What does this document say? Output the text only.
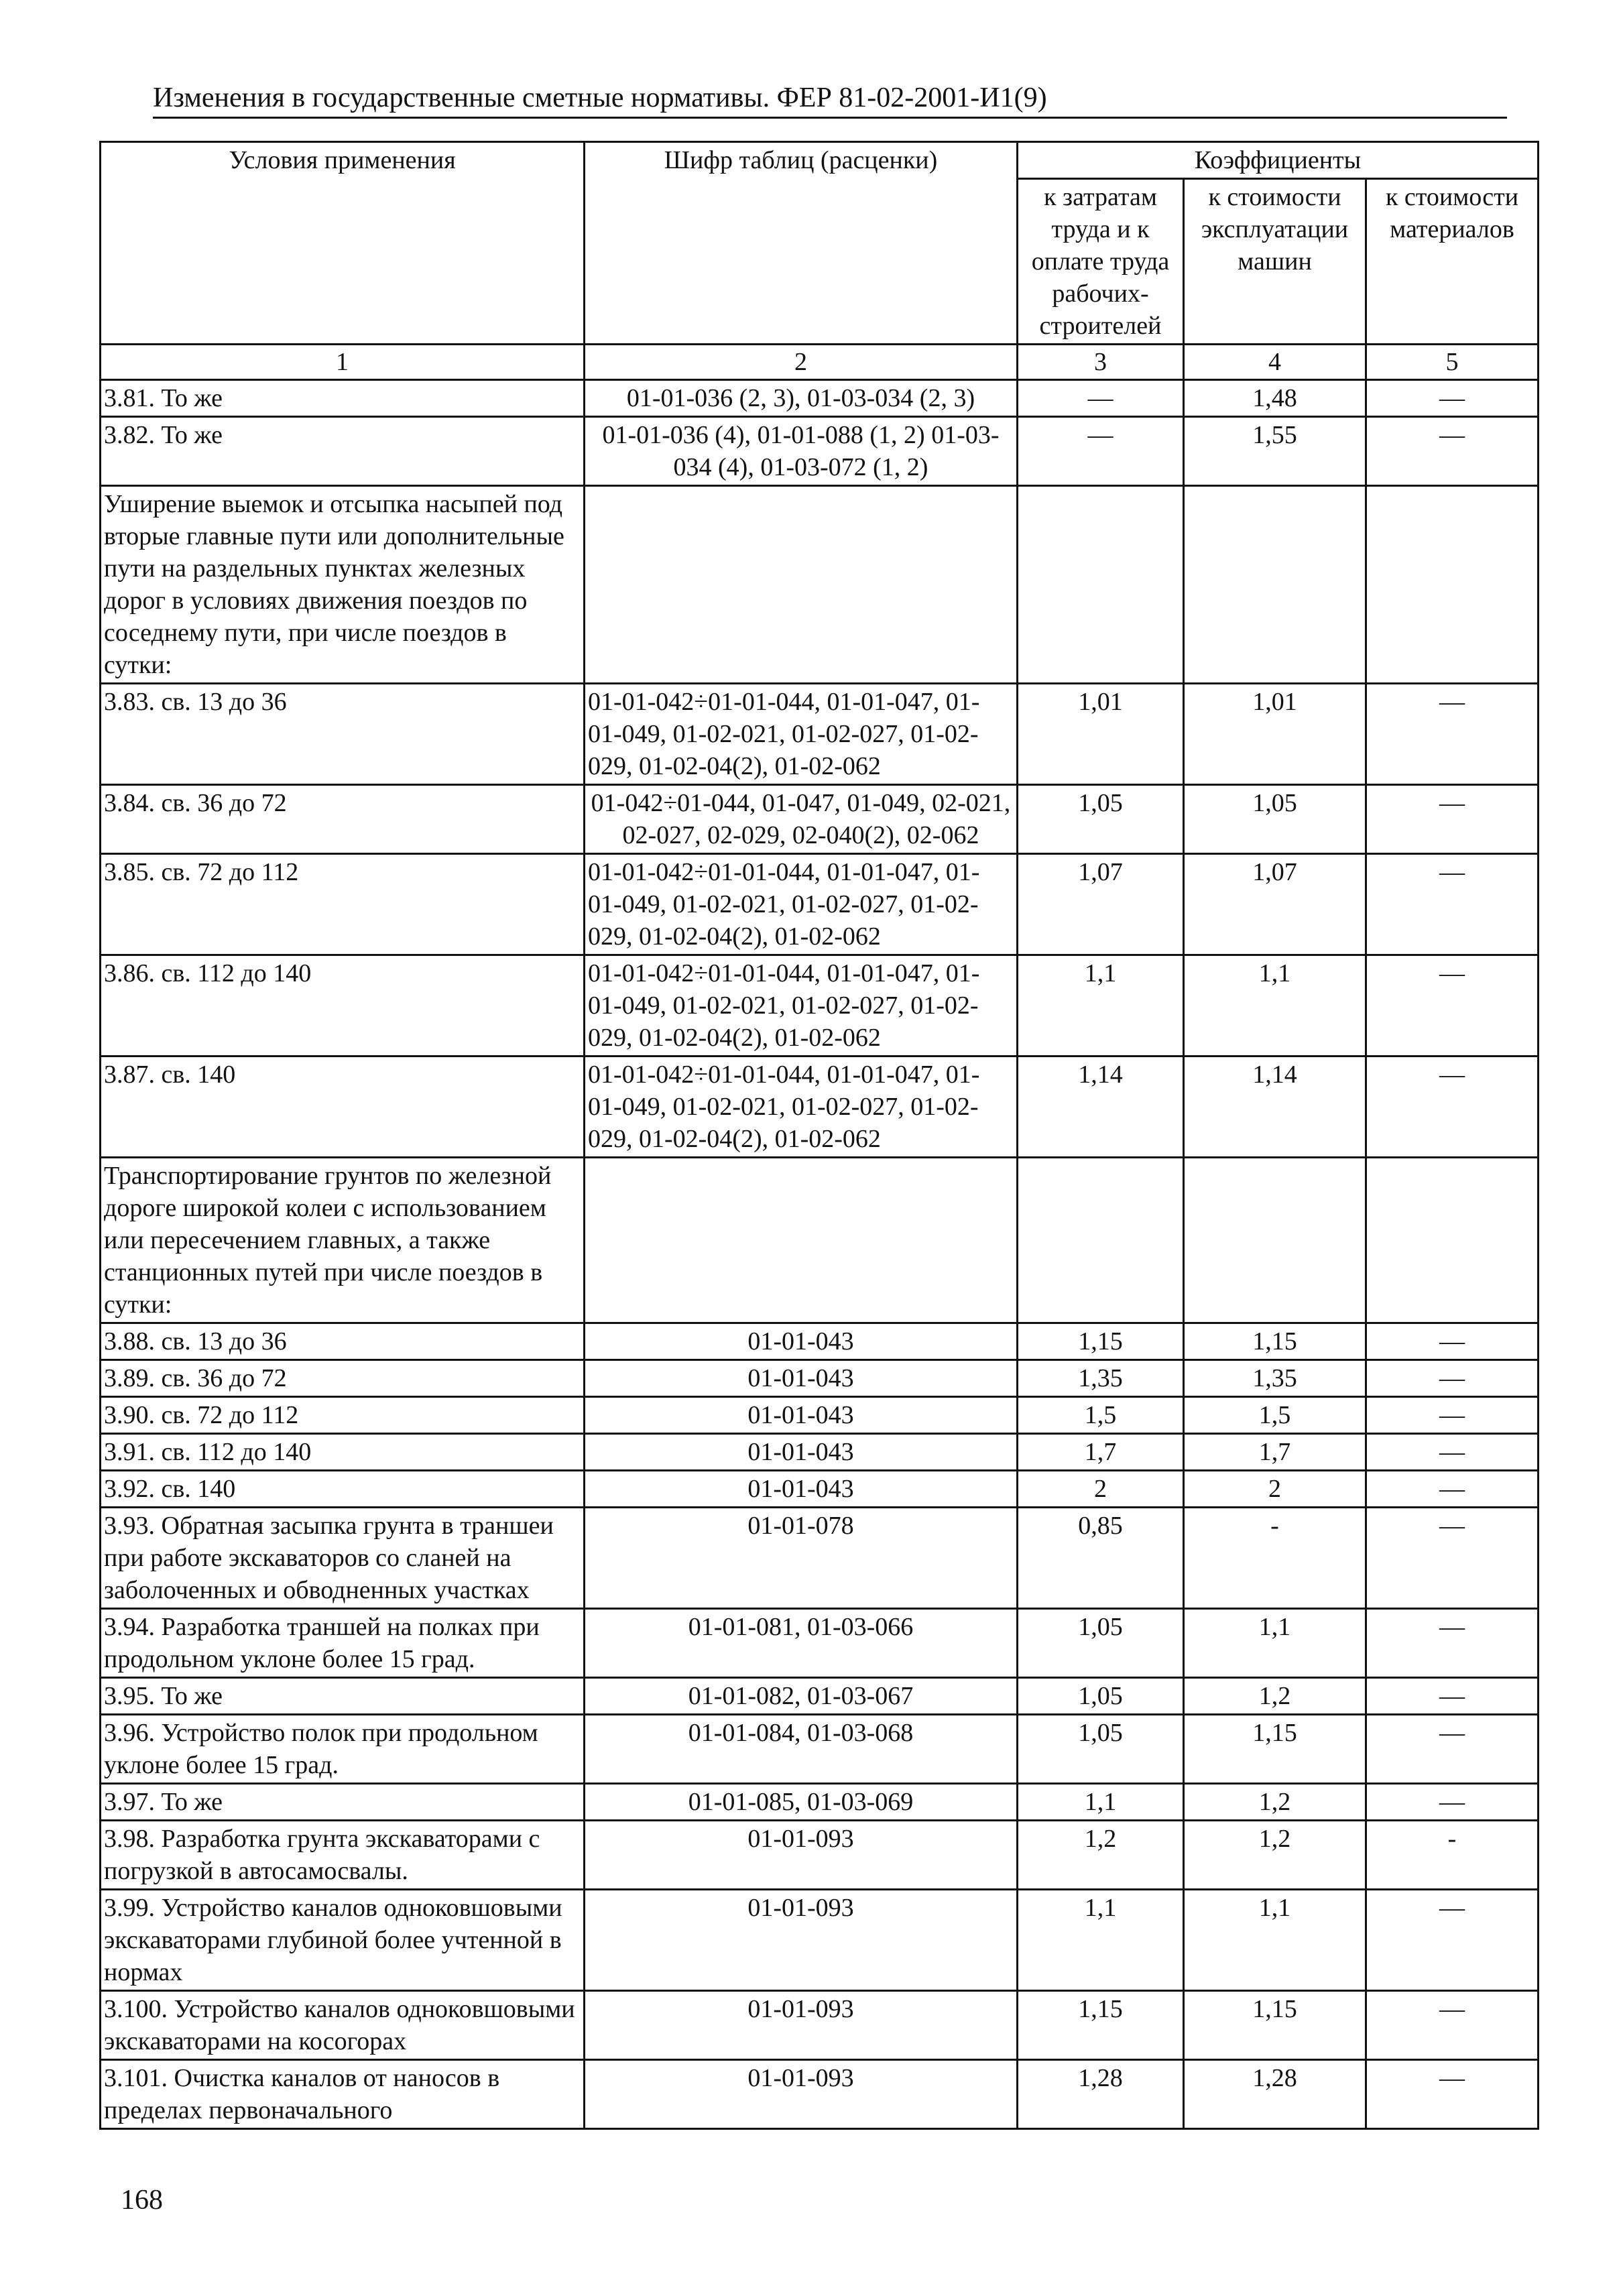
Изменения в государственные сметные нормативы. ФЕР 81-02-2001-И1(9)
Условия применения	Шифр таблиц (расценки)	Коэффициенты		
		к затратам труда и к оплате труда рабочих-строителей	к стоимости эксплуатации машин	к стоимости материалов
1	2	3	4	5
3.81. То же	01-01-036 (2, 3), 01-03-034 (2, 3)	—	1,48	—
3.82. То же	01-01-036 (4), 01-01-088 (1, 2) 01-03-034 (4), 01-03-072 (1, 2)	—	1,55	—
Уширение выемок и отсыпка насыпей под вторые главные пути или дополнительные пути на раздельных пунктах железных дорог в условиях движения поездов по соседнему пути, при числе поездов в сутки:				
3.83. св. 13 до 36	01-01-042÷01-01-044, 01-01-047, 01-01-049, 01-02-021, 01-02-027, 01-02-029, 01-02-04(2), 01-02-062	1,01	1,01	—
3.84. св. 36 до 72	01-042÷01-044, 01-047, 01-049, 02-021, 02-027, 02-029, 02-040(2), 02-062	1,05	1,05	—
3.85. св. 72 до 112	01-01-042÷01-01-044, 01-01-047, 01-01-049, 01-02-021, 01-02-027, 01-02-029, 01-02-04(2), 01-02-062	1,07	1,07	—
3.86. св. 112 до 140	01-01-042÷01-01-044, 01-01-047, 01-01-049, 01-02-021, 01-02-027, 01-02-029, 01-02-04(2), 01-02-062	1,1	1,1	—
3.87. св. 140	01-01-042÷01-01-044, 01-01-047, 01-01-049, 01-02-021, 01-02-027, 01-02-029, 01-02-04(2), 01-02-062	1,14	1,14	—
Транспортирование грунтов по железной дороге широкой колеи с использованием или пересечением главных, а также станционных путей при числе поездов в сутки:				
3.88. св. 13 до 36	01-01-043	1,15	1,15	—
3.89. св. 36 до 72	01-01-043	1,35	1,35	—
3.90. св. 72 до 112	01-01-043	1,5	1,5	—
3.91. св. 112 до 140	01-01-043	1,7	1,7	—
3.92. св. 140	01-01-043	2	2	—
3.93. Обратная засыпка грунта в траншеи при работе экскаваторов со сланей на заболоченных и обводненных участках	01-01-078	0,85	-	—
3.94. Разработка траншей на полках при продольном уклоне более 15 град.	01-01-081, 01-03-066	1,05	1,1	—
3.95. То же	01-01-082, 01-03-067	1,05	1,2	—
3.96. Устройство полок при продольном уклоне более 15 град.	01-01-084, 01-03-068	1,05	1,15	—
3.97. То же	01-01-085, 01-03-069	1,1	1,2	—
3.98. Разработка грунта экскаваторами с погрузкой в автосамосвалы.	01-01-093	1,2	1,2	-
3.99. Устройство каналов одноковшовыми экскаваторами глубиной более учтенной в нормах	01-01-093	1,1	1,1	—
3.100. Устройство каналов одноковшовыми экскаваторами на косогорах	01-01-093	1,15	1,15	—
3.101. Очистка каналов от наносов в пределах первоначального	01-01-093	1,28	1,28	—
168
